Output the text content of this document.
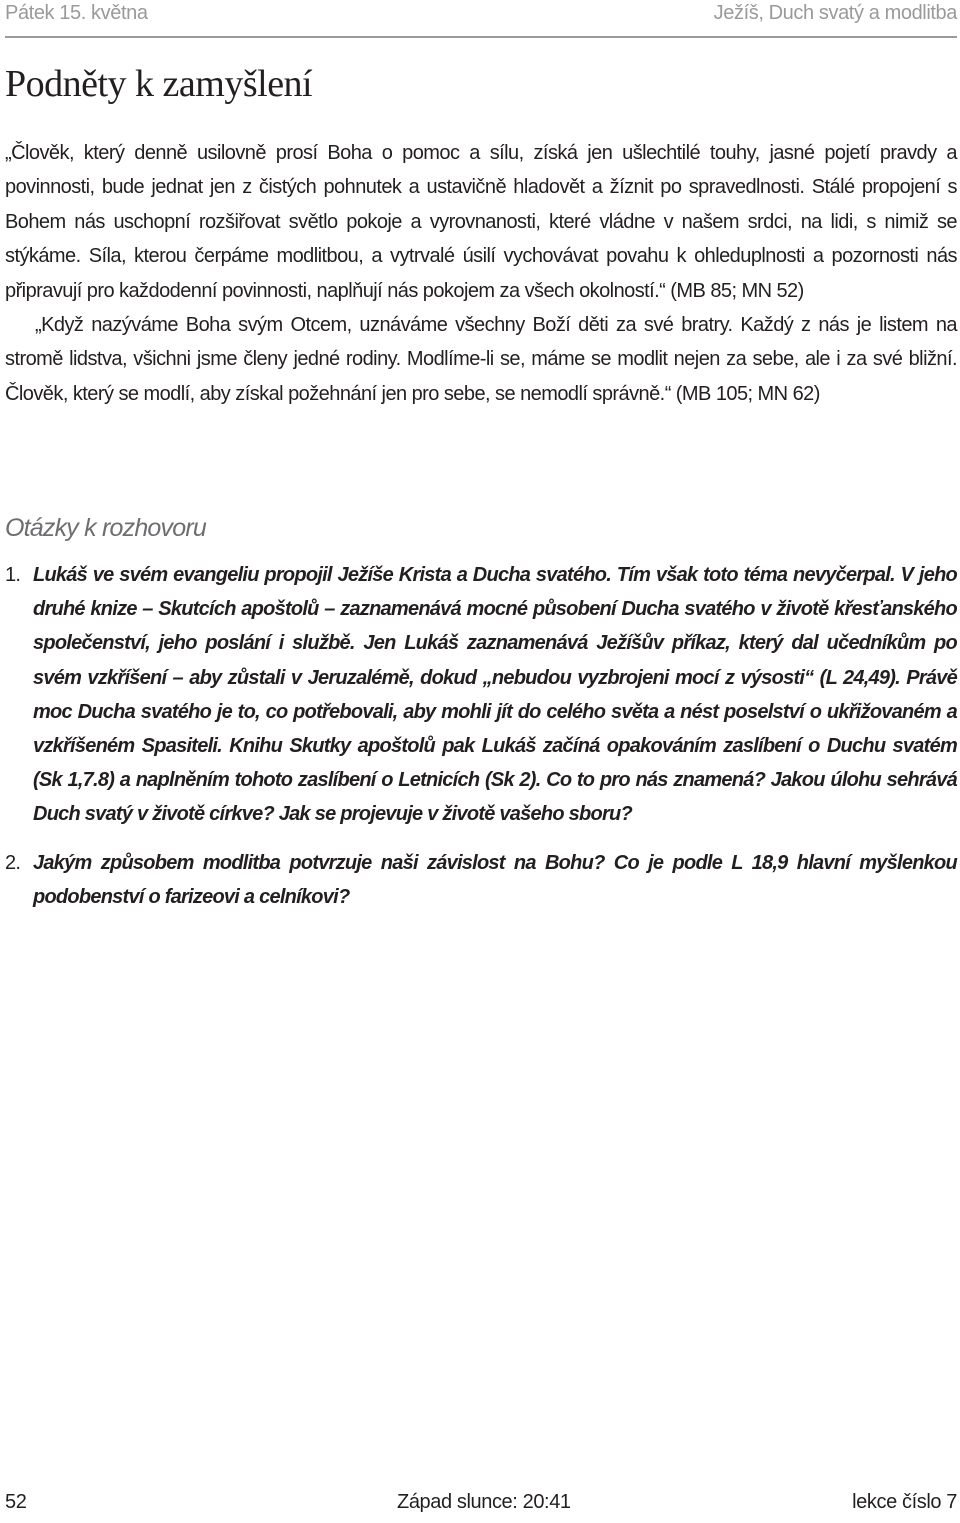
Pátek 15. května	Ježíš, Duch svatý a modlitba
Podněty k zamyšlení

„Člověk, který denně usilovně prosí Boha o pomoc a sílu, získá jen ušlechtilé touhy, jasné pojetí pravdy a povinnosti, bude jednat jen z čistých pohnutek a ustavičně hladovět a žíznit po spravedlnosti. Stálé propojení s Bohem nás uschopní rozšiřovat světlo pokoje a vyrovnanosti, které vládne v našem srdci, na lidi, s nimiž se stýkáme. Síla, kterou čerpáme modlitbou, a vytrvalé úsilí vychovávat povahu k ohleduplnosti a pozornosti nás připravují pro každodenní povinnosti, naplňují nás pokojem za všech okolností.“ (MB 85; MN 52)

„Když nazýváme Boha svým Otcem, uznáváme všechny Boží děti za své bratry. Každý z nás je listem na stromě lidstva, všichni jsme členy jedné rodiny. Modlíme-li se, máme se modlit nejen za sebe, ale i za své bližní. Člověk, který se modlí, aby získal požehnání jen pro sebe, se nemodlí správně.“ (MB 105; MN 62)

Otázky k rozhovoru
1. Lukáš ve svém evangeliu propojil Ježíše Krista a Ducha svatého. Tím však toto téma nevyčerpal. V jeho druhé knize – Skutcích apoštolů – zaznamenává mocné působení Ducha svatého v životě křesťanského společenství, jeho poslání i službě. Jen Lukáš zaznamenává Ježíšův příkaz, který dal učedníkům po svém vzkříšení – aby zůstali v Jeruzalémě, dokud „nebudou vyzbrojeni mocí z výsosti“ (L 24,49). Právě moc Ducha svatého je to, co potřebovali, aby mohli jít do celého světa a nést poselství o ukřižovaném a vzkříšeném Spasiteli. Knihu Skutky apoštolů pak Lukáš začíná opakováním zaslíbení o Duchu svatém (Sk 1,7.8) a naplněním tohoto zaslíbení o Letnicích (Sk 2). Co to pro nás znamená? Jakou úlohu sehrává Duch svatý v životě církve? Jak se projevuje v životě vašeho sboru?
2. Jakým způsobem modlitba potvrzuje naši závislost na Bohu? Co je podle L 18,9 hlavní myšlenkou podobenství o farizeovi a celníkovi?
52	Západ slunce: 20:41	lekce číslo 7
